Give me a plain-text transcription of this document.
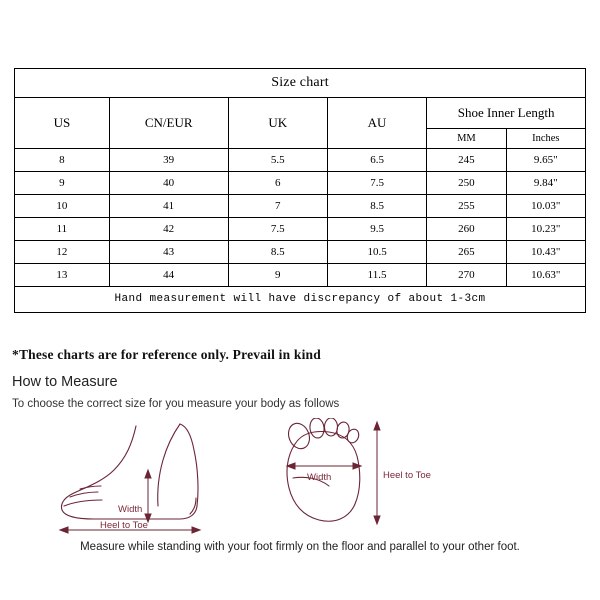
Size chart					
US	CN/EUR	UK	AU	Shoe Inner Length	
				MM	Inches
8	39	5.5	6.5	245	9.65"
9	40	6	7.5	250	9.84"
10	41	7	8.5	255	10.03"
11	42	7.5	9.5	260	10.23"
12	43	8.5	10.5	265	10.43"
13	44	9	11.5	270	10.63"
Hand measurement will have discrepancy of about 1-3cm					
*These charts are for reference only. Prevail in kind
How to Measure
To choose the correct size for you measure your body as follows
Width
Heel to Toe
Width	Heel to Toe
Measure while standing with your foot firmly on the floor and parallel to your other foot.
